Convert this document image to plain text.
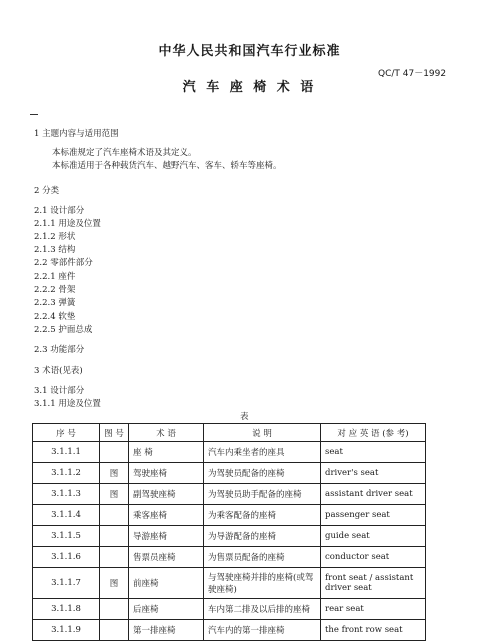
中华人民共和国汽车行业标准
QC/T 47－1992
汽 车 座 椅 术 语
1 主题内容与适用范围
本标准规定了汽车座椅术语及其定义。
本标准适用于各种载货汽车、越野汽车、客车、轿车等座椅。
2 分类
2.1 设计部分
2.1.1 用途及位置
2.1.2 形状
2.1.3 结构
2.2 零部件部分
2.2.1 座件
2.2.2 骨架
2.2.3 弹簧
2.2.4 软垫
2.2.5 护面总成
2.3 功能部分
3 术语(见表)
3.1 设计部分
3.1.1 用途及位置
表
序 号	图 号	术 语	说 明	对 应 英 语 (参 考)
3.1.1.1		座 椅	汽车内乘坐者的座具	seat
3.1.1.2	图	驾驶座椅	为驾驶员配备的座椅	driver's seat
3.1.1.3	图	副驾驶座椅	为驾驶员助手配备的座椅	assistant driver seat
3.1.1.4		乘客座椅	为乘客配备的座椅	passenger seat
3.1.1.5		导游座椅	为导游配备的座椅	guide seat
3.1.1.6		售票员座椅	为售票员配备的座椅	conductor seat
3.1.1.7	图	前座椅	与驾驶座椅并排的座椅(或驾驶座椅)	front seat / assistant driver seat
3.1.1.8		后座椅	车内第二排及以后排的座椅	rear seat
3.1.1.9		第一排座椅	汽车内的第一排座椅	the front row seat
